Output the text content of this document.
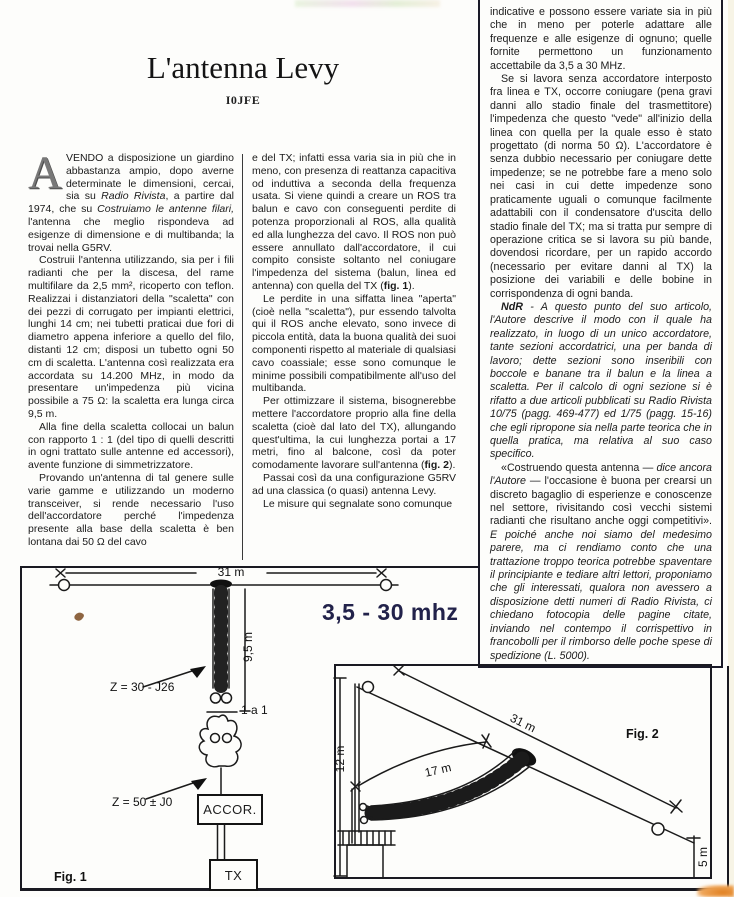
L'antenna Levy
I0JFE

AVENDO a disposizione un giardino abbastanza ampio, dopo averne determinate le dimensioni, cercai, sia su Radio Rivista, a partire dal 1974, che su Costruiamo le antenne filari, l'antenna che meglio rispondeva ad esigenze di dimensione e di multibanda; la trovai nella G5RV.

Costruii l'antenna utilizzando, sia per i fili radianti che per la discesa, del rame multifilare da 2,5 mm², ricoperto con teflon. Realizzai i distanziatori della "scaletta" con dei pezzi di corrugato per impianti elettrici, lunghi 14 cm; nei tubetti praticai due fori di diametro appena inferiore a quello del filo, distanti 12 cm; disposi un tubetto ogni 50 cm di scaletta. L'antenna così realizzata era accordata su 14.200 MHz, in modo da presentare un'impedenza più vicina possibile a 75 Ω: la scaletta era lunga circa 9,5 m.

Alla fine della scaletta collocai un balun con rapporto 1 : 1 (del tipo di quelli descritti in ogni trattato sulle antenne ed accessori), avente funzione di simmetrizzatore.

Provando un'antenna di tal genere sulle varie gamme e utilizzando un moderno transceiver, si rende necessario l'uso dell'accordatore perché l'impedenza presente alla base della scaletta è ben lontana dai 50 Ω del cavo

e del TX; infatti essa varia sia in più che in meno, con presenza di reattanza capacitiva od induttiva a seconda della frequenza usata. Si viene quindi a creare un ROS tra balun e cavo con conseguenti perdite di potenza proporzionali al ROS, alla qualità ed alla lunghezza del cavo. Il ROS non può essere annullato dall'accordatore, il cui compito consiste soltanto nel coniugare l'impedenza del sistema (balun, linea ed antenna) con quella del TX (fig. 1).

Le perdite in una siffatta linea "aperta" (cioè nella "scaletta"), pur essendo talvolta qui il ROS anche elevato, sono invece di piccola entità, data la buona qualità dei suoi componenti rispetto al materiale di qualsiasi cavo coassiale; esse sono comunque le minime possibili compatibilmente all'uso del multibanda.

Per ottimizzare il sistema, bisognerebbe mettere l'accordatore proprio alla fine della scaletta (cioè dal lato del TX), allungando quest'ultima, la cui lunghezza portai a 17 metri, fino al balcone, così da poter comodamente lavorare sull'antenna (fig. 2).

Passai così da una configurazione G5RV ad una classica (o quasi) antenna Levy.

Le misure qui segnalate sono comunque

indicative e possono essere variate sia in più che in meno per poterle adattare alle frequenze e alle esigenze di ognuno; quelle fornite permettono un funzionamento accettabile da 3,5 a 30 MHz.

Se si lavora senza accordatore interposto fra linea e TX, occorre coniugare (pena gravi danni allo stadio finale del trasmettitore) l'impedenza che questo "vede" all'inizio della linea con quella per la quale esso è stato progettato (di norma 50 Ω). L'accordatore è senza dubbio necessario per coniugare dette impedenze; se ne potrebbe fare a meno solo nei casi in cui dette impedenze sono praticamente uguali o comunque facilmente adattabili con il condensatore d'uscita dello stadio finale del TX; ma si tratta pur sempre di operazione critica se si lavora su più bande, dovendosi ricordare, per un rapido accordo (necessario per evitare danni al TX) la posizione dei variabili e delle bobine in corrispondenza di ogni banda.

NdR - A questo punto del suo articolo, l'Autore descrive il modo con il quale ha realizzato, in luogo di un unico accordatore, tante sezioni accordatrici, una per banda di lavoro; dette sezioni sono inseribili con boccole e banane tra il balun e la linea a scaletta. Per il calcolo di ogni sezione si è rifatto a due articoli pubblicati su Radio Rivista 10/75 (pagg. 469-477) ed 1/75 (pagg. 15-16) che egli ripropone sia nella parte teorica che in quella pratica, ma relativa al suo caso specifico.

«Costruendo questa antenna — dice ancora l'Autore — l'occasione è buona per crearsi un discreto bagaglio di esperienze e conoscenze nel settore, rivisitando così vecchi sistemi radianti che risultano anche oggi competitivi». E poiché anche noi siamo del medesimo parere, ma ci rendiamo conto che una trattazione troppo teorica potrebbe spaventare il principiante e tediare altri lettori, proponiamo che gli interessati, qualora non avessero a disposizione detti numeri di Radio Rivista, ci chiedano fotocopia delle pagine citate, inviando nel contempo il corrispettivo in francobolli per il rimborso delle poche spese di spedizione (L. 5000).

31 m
9,5 m
1 a 1
Z = 30 - J26
Z = 50 ± J0	ACCOR.
TX
Fig. 1
3,5 - 30 mhz
31 m
17 m
12 m
5 m
Fig. 2
